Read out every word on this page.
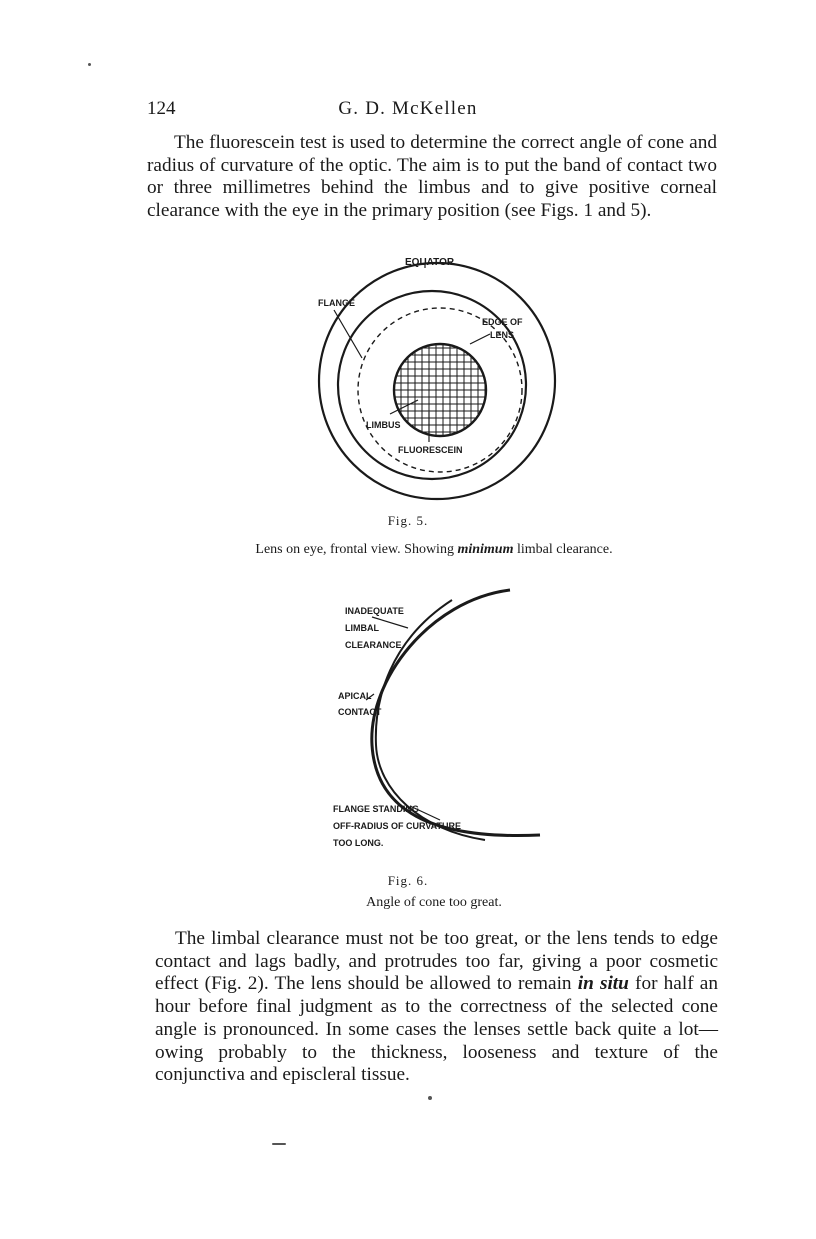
124	G. D. McKellen

The fluorescein test is used to determine the correct angle of cone and radius of curvature of the optic. The aim is to put the band of contact two or three millimetres behind the limbus and to give positive corneal clearance with the eye in the primary position (see Figs. 1 and 5).

EQUATOR
FLANGE
EDGE OF
LENS
LIMBUS
FLUORESCEIN
INADEQUATE
LIMBAL
CLEARANCE
APICAL
CONTACT
FLANGE STANDING
OFF-RADIUS OF CURVATURE
TOO LONG.
Fig. 5.
Lens on eye, frontal view. Showing minimum limbal clearance.
Fig. 6.
Angle of cone too great.

The limbal clearance must not be too great, or the lens tends to edge contact and lags badly, and protrudes too far, giving a poor cosmetic effect (Fig. 2). The lens should be allowed to remain in situ for half an hour before final judgment as to the correctness of the selected cone angle is pronounced. In some cases the lenses settle back quite a lot—owing probably to the thickness, looseness and texture of the conjunctiva and episcleral tissue.
